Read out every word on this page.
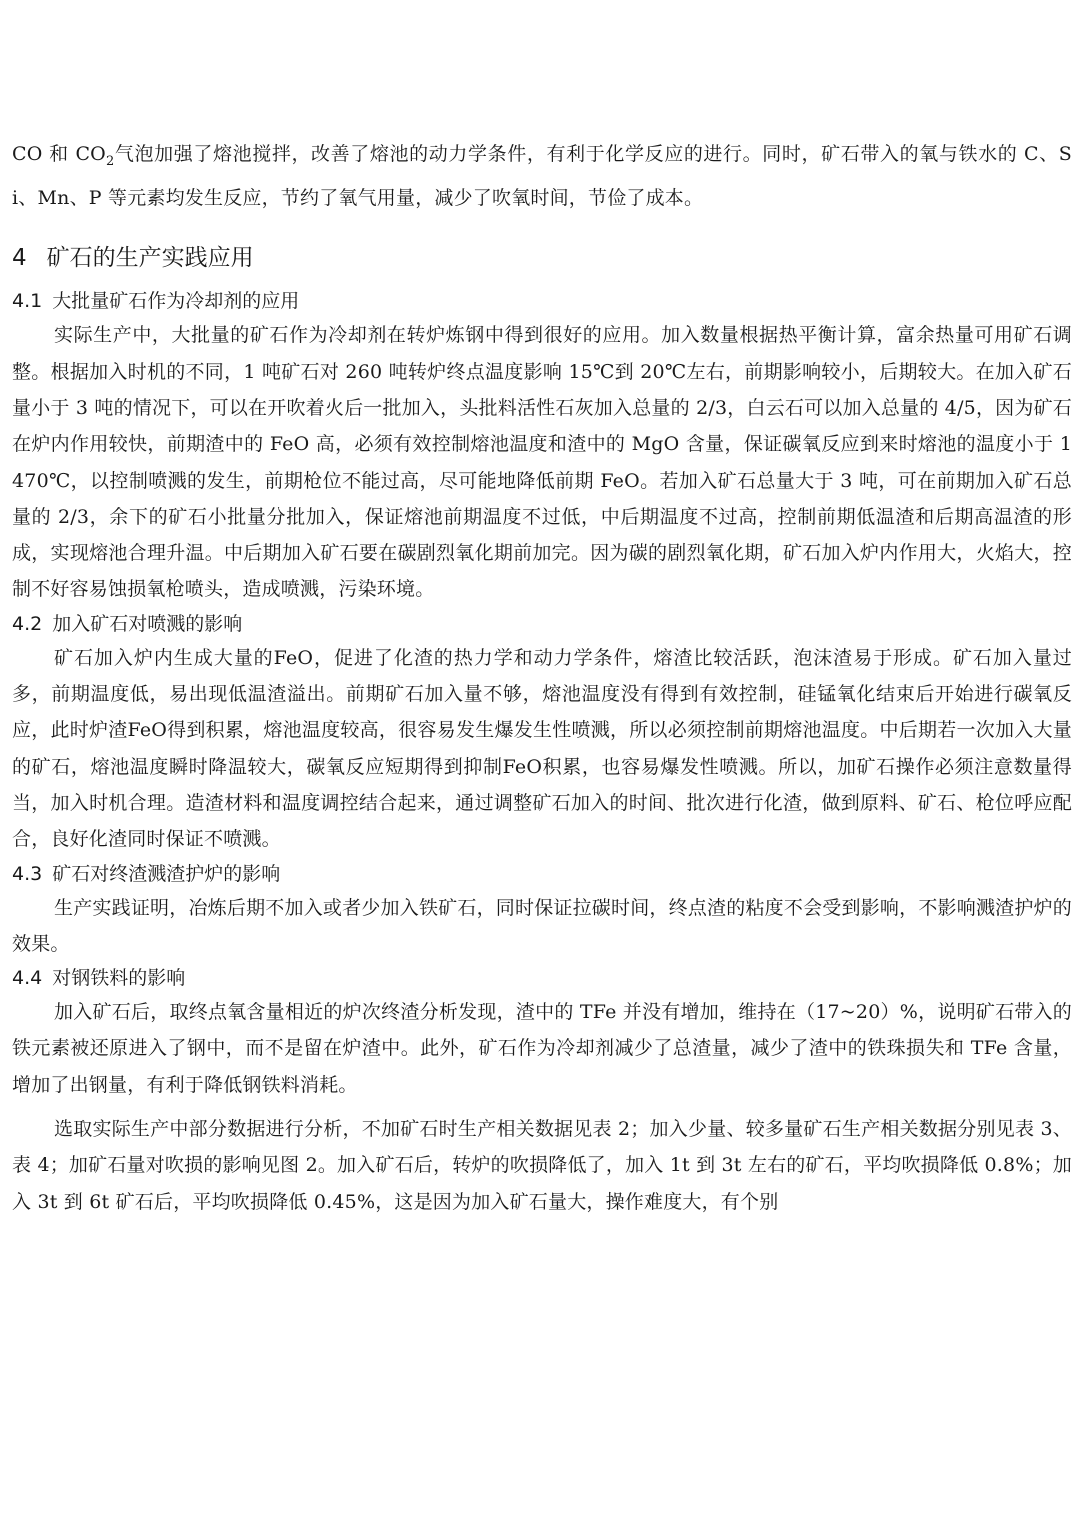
CO 和 $CO_2$气泡加强了熔池搅拌，改善了熔池的动力学条件，有利于化学反应的进行。同时，矿石带入的氧与铁水的 C、Si、Mn、P 等元素均发生反应，节约了氧气用量，减少了吹氧时间，节俭了成本。

4 矿石的生产实践应用
4.1 大批量矿石作为冷却剂的应用

实际生产中，大批量的矿石作为冷却剂在转炉炼钢中得到很好的应用。加入数量根据热平衡计算，富余热量可用矿石调整。根据加入时机的不同，1 吨矿石对 260 吨转炉终点温度影响 15℃到 20℃左右，前期影响较小，后期较大。在加入矿石量小于 3 吨的情况下，可以在开吹着火后一批加入，头批料活性石灰加入总量的 2/3，白云石可以加入总量的 4/5，因为矿石在炉内作用较快，前期渣中的 FeO 高，必须有效控制熔池温度和渣中的 MgO 含量，保证碳氧反应到来时熔池的温度小于 1470℃，以控制喷溅的发生，前期枪位不能过高，尽可能地降低前期 FeO。若加入矿石总量大于 3 吨，可在前期加入矿石总量的 2/3，余下的矿石小批量分批加入，保证熔池前期温度不过低，中后期温度不过高，控制前期低温渣和后期高温渣的形成，实现熔池合理升温。中后期加入矿石要在碳剧烈氧化期前加完。因为碳的剧烈氧化期，矿石加入炉内作用大，火焰大，控制不好容易蚀损氧枪喷头，造成喷溅，污染环境。

4.2 加入矿石对喷溅的影响

矿石加入炉内生成大量的FeO，促进了化渣的热力学和动力学条件，熔渣比较活跃，泡沫渣易于形成。矿石加入量过多，前期温度低，易出现低温渣溢出。前期矿石加入量不够，熔池温度没有得到有效控制，硅锰氧化结束后开始进行碳氧反应，此时炉渣FeO得到积累，熔池温度较高，很容易发生爆发生性喷溅，所以必须控制前期熔池温度。中后期若一次加入大量的矿石，熔池温度瞬时降温较大，碳氧反应短期得到抑制FeO积累，也容易爆发性喷溅。所以，加矿石操作必须注意数量得当，加入时机合理。造渣材料和温度调控结合起来，通过调整矿石加入的时间、批次进行化渣，做到原料、矿石、枪位呼应配合，良好化渣同时保证不喷溅。

4.3 矿石对终渣溅渣护炉的影响

生产实践证明，冶炼后期不加入或者少加入铁矿石，同时保证拉碳时间，终点渣的粘度不会受到影响，不影响溅渣护炉的效果。

4.4 对钢铁料的影响

加入矿石后，取终点氧含量相近的炉次终渣分析发现，渣中的 TFe 并没有增加，维持在（17~20）%，说明矿石带入的铁元素被还原进入了钢中，而不是留在炉渣中。此外，矿石作为冷却剂减少了总渣量，减少了渣中的铁珠损失和 TFe 含量，增加了出钢量，有利于降低钢铁料消耗。

选取实际生产中部分数据进行分析，不加矿石时生产相关数据见表 2；加入少量、较多量矿石生产相关数据分别见表 3、表 4；加矿石量对吹损的影响见图 2。加入矿石后，转炉的吹损降低了，加入 1t 到 3t 左右的矿石，平均吹损降低 0.8%；加入 3t 到 6t 矿石后，平均吹损降低 0.45%，这是因为加入矿石量大，操作难度大，有个别
